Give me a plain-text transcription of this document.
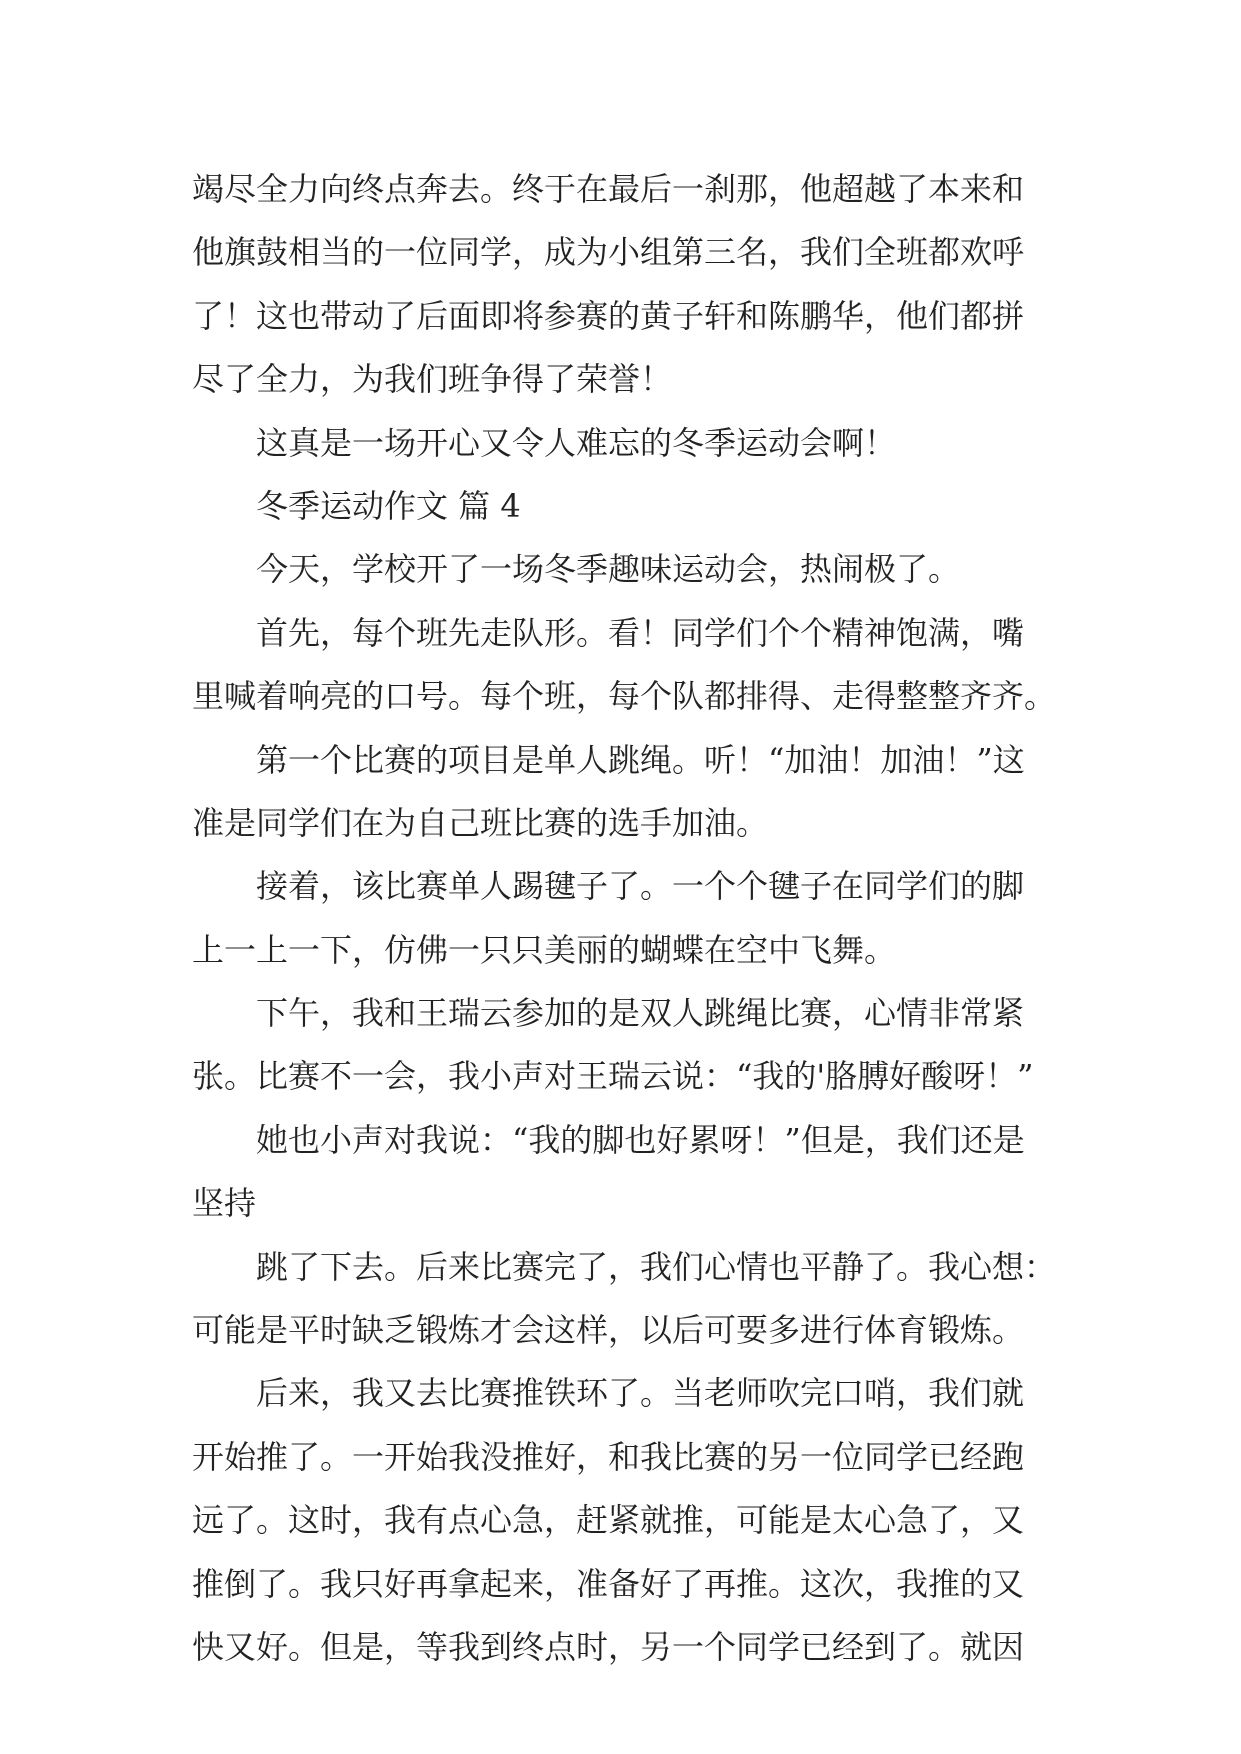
竭尽全力向终点奔去。终于在最后一刹那，他超越了本来和
他旗鼓相当的一位同学，成为小组第三名，我们全班都欢呼
了！这也带动了后面即将参赛的黄子轩和陈鹏华，他们都拼
尽了全力，为我们班争得了荣誉！
这真是一场开心又令人难忘的冬季运动会啊！
冬季运动作文 篇 4
今天，学校开了一场冬季趣味运动会，热闹极了。
首先，每个班先走队形。看！同学们个个精神饱满，嘴
里喊着响亮的口号。每个班，每个队都排得、走得整整齐齐。
第一个比赛的项目是单人跳绳。听！“加油！加油！”这
准是同学们在为自己班比赛的选手加油。
接着，该比赛单人踢毽子了。一个个毽子在同学们的脚
上一上一下，仿佛一只只美丽的蝴蝶在空中飞舞。
下午，我和王瑞云参加的是双人跳绳比赛，心情非常紧
张。比赛不一会，我小声对王瑞云说：“我的'胳膊好酸呀！”
她也小声对我说：“我的脚也好累呀！”但是，我们还是
坚持
跳了下去。后来比赛完了，我们心情也平静了。我心想：
可能是平时缺乏锻炼才会这样，以后可要多进行体育锻炼。
后来，我又去比赛推铁环了。当老师吹完口哨，我们就
开始推了。一开始我没推好，和我比赛的另一位同学已经跑
远了。这时，我有点心急，赶紧就推，可能是太心急了，又
推倒了。我只好再拿起来，准备好了再推。这次，我推的又
快又好。但是，等我到终点时，另一个同学已经到了。就因
